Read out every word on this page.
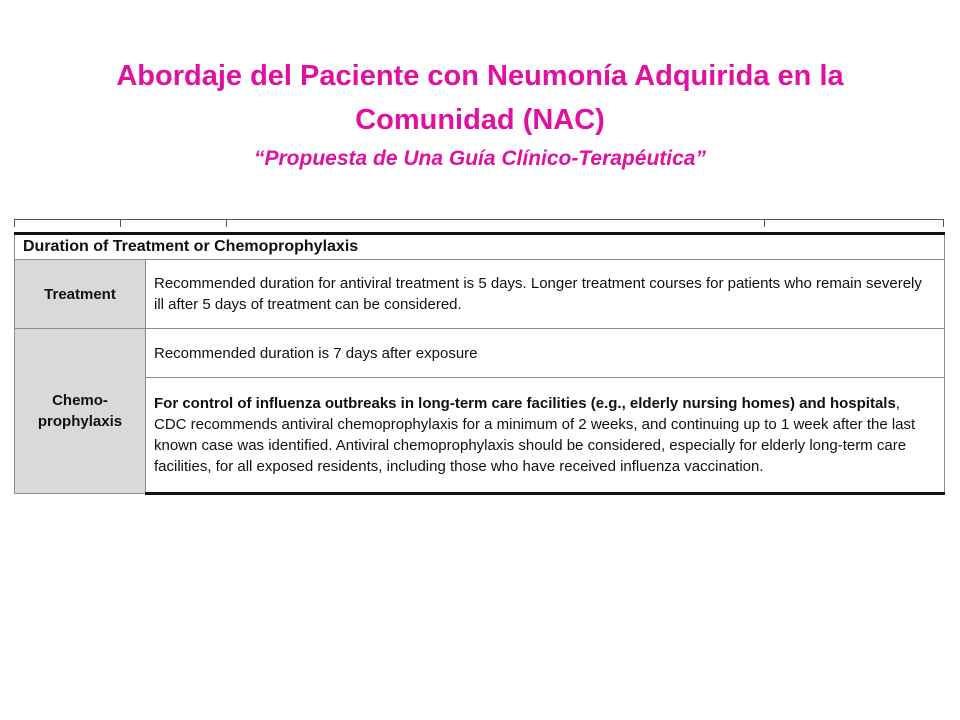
Abordaje del Paciente con Neumonía Adquirida en la Comunidad (NAC)

“Propuesta de Una Guía Clínico-Terapéutica”

Duration of Treatment or Chemoprophylaxis	
Treatment	Recommended duration for antiviral treatment is 5 days. Longer treatment courses for patients who remain severely ill after 5 days of treatment can be considered.
Chemo-
prophylaxis	Recommended duration is 7 days after exposure
	For control of influenza outbreaks in long-term care facilities (e.g., elderly nursing homes) and hospitals, CDC recommends antiviral chemoprophylaxis for a minimum of 2 weeks, and continuing up to 1 week after the last known case was identified. Antiviral chemoprophylaxis should be considered, especially for elderly long-term care facilities, for all exposed residents, including those who have received influenza vaccination.
